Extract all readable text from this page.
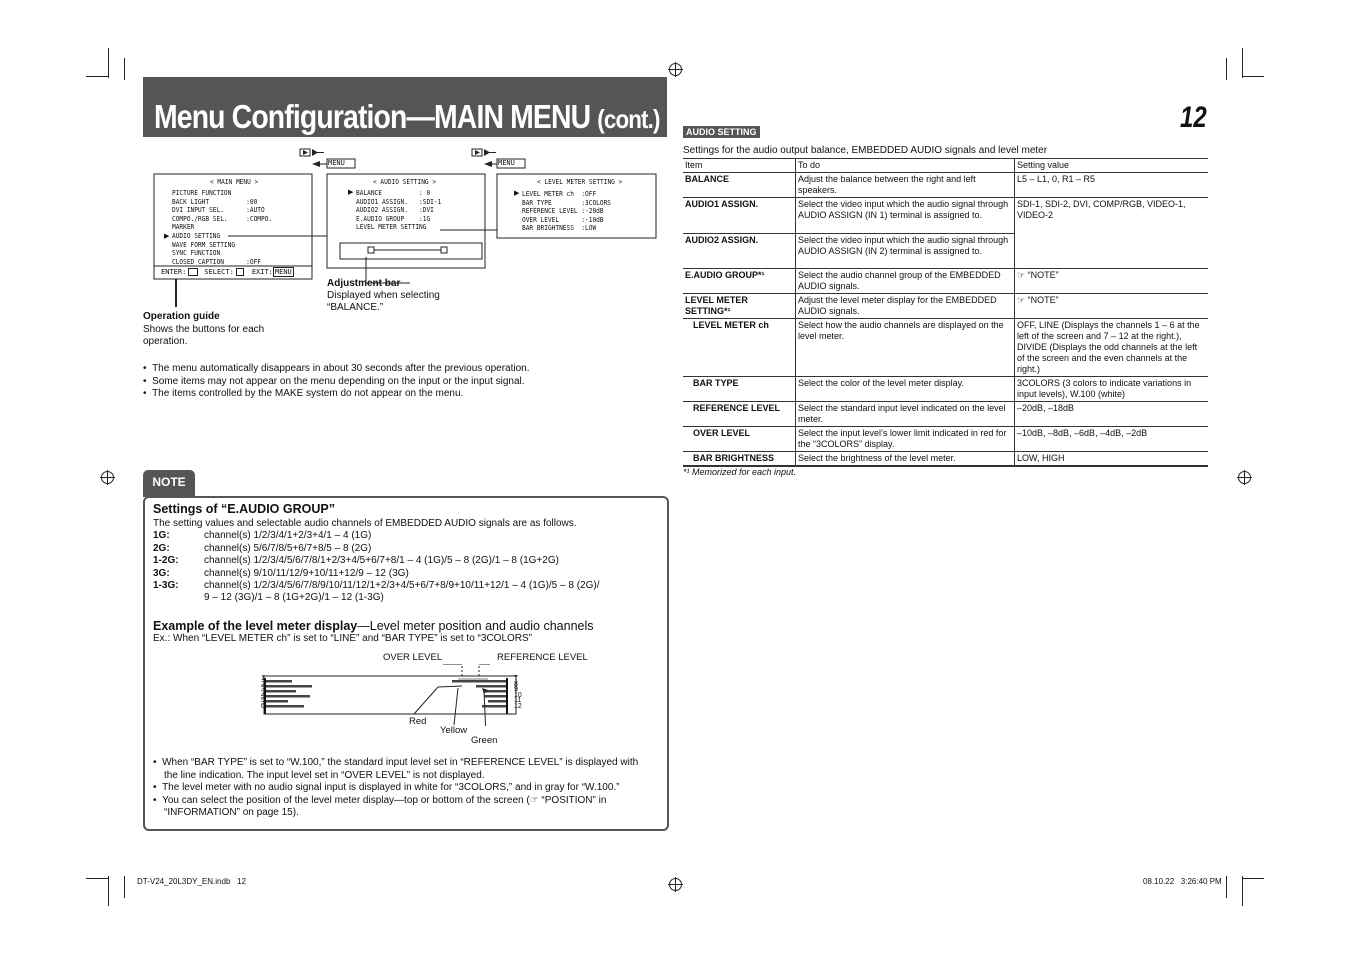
Menu Configuration—MAIN MENU (cont.)	12
MENU	MENU
< MAIN MENU >
PICTURE FUNCTION
BACK LIGHT          :00
DVI INPUT SEL.      :AUTO
COMPO./RGB SEL.     :COMPO.
MARKER
▶ AUDIO SETTING
WAVE FORM SETTING
SYNC FUNCTION
CLOSED CAPTION      :OFF
ENTER:	SELECT:	EXIT: MENU
< AUDIO SETTING >
▶ BALANCE          : 0
AUDIO1 ASSIGN.   :SDI-1
AUDIO2 ASSIGN.   :DVI
E.AUDIO GROUP    :1G
LEVEL METER SETTING
< LEVEL METER SETTING >
▶ LEVEL METER ch  :OFF
BAR TYPE        :3COLORS
REFERENCE LEVEL :-20dB
OVER LEVEL      :-10dB
BAR BRIGHTNESS  :LOW
Adjustment bar
Displayed when selecting
“BALANCE.”
Operation guide
Shows the buttons for each
operation.
•  The menu automatically disappears in about 30 seconds after the previous operation.
•  Some items may not appear on the menu depending on the input or the input signal.
•  The items controlled by the MAKE system do not appear on the menu.
AUDIO SETTING
Settings for the audio output balance, EMBEDDED AUDIO signals and level meter
Item	To do	Setting value
BALANCE	Adjust the balance between the right and left speakers.	L5 – L1, 0, R1 – R5
AUDIO1 ASSIGN.	Select the video input which the audio signal through AUDIO ASSIGN (IN 1) terminal is assigned to.	SDI-1, SDI-2, DVI, COMP/RGB, VIDEO-1, VIDEO-2
AUDIO2 ASSIGN.	Select the video input which the audio signal through AUDIO ASSIGN (IN 2) terminal is assigned to.	
E.AUDIO GROUP*¹	Select the audio channel group of the EMBEDDED AUDIO signals.	☞ “NOTE”
LEVEL METER SETTING*¹	Adjust the level meter display for the EMBEDDED AUDIO signals.	☞ “NOTE”
LEVEL METER ch	Select how the audio channels are displayed on the level meter.	OFF, LINE (Displays the channels 1 – 6 at the left of the screen and 7 – 12 at the right.), DIVIDE (Displays the odd channels at the left of the screen and the even channels at the right.)
BAR TYPE	Select the color of the level meter display.	3COLORS (3 colors to indicate variations in input levels), W.100 (white)
REFERENCE LEVEL	Select the standard input level indicated on the level meter.	–20dB, –18dB
OVER LEVEL	Select the input level’s lower limit indicated in red for the “3COLORS” display.	–10dB, –8dB, –6dB, –4dB, –2dB
BAR BRIGHTNESS	Select the brightness of the level meter.	LOW, HIGH
*¹ Memorized for each input.
NOTE
Settings of “E.AUDIO GROUP”
The setting values and selectable audio channels of EMBEDDED AUDIO signals are as follows.
1G:	channel(s) 1/2/3/4/1+2/3+4/1 – 4 (1G)
2G:	channel(s) 5/6/7/8/5+6/7+8/5 – 8 (2G)
1-2G:	channel(s) 1/2/3/4/5/6/7/8/1+2/3+4/5+6/7+8/1 – 4 (1G)/5 – 8 (2G)/1 – 8 (1G+2G)
3G:	channel(s) 9/10/11/12/9+10/11+12/9 – 12 (3G)
1-3G:	channel(s) 1/2/3/4/5/6/7/8/9/10/11/12/1+2/3+4/5+6/7+8/9+10/11+12/1 – 4 (1G)/5 – 8 (2G)/
9 – 12 (3G)/1 – 8 (1G+2G)/1 – 12 (1-3G)
Example of the level meter display—Level meter position and audio channels
Ex.: When “LEVEL METER ch” is set to “LINE” and “BAR TYPE” is set to “3COLORS”
1
2
3
4
5
6
7
8
9
10
11
12
OVER LEVEL	REFERENCE LEVEL
Red
Yellow
Green
•  When “BAR TYPE” is set to “W.100,” the standard input level set in “REFERENCE LEVEL” is displayed with
the line indication. The input level set in “OVER LEVEL” is not displayed.
•  The level meter with no audio signal input is displayed in white for “3COLORS,” and in gray for “W.100.”
•  You can select the position of the level meter display—top or bottom of the screen (☞ “POSITION” in
“INFORMATION” on page 15).
DT-V24_20L3DY_EN.indb   12	08.10.22   3:26:40 PM
